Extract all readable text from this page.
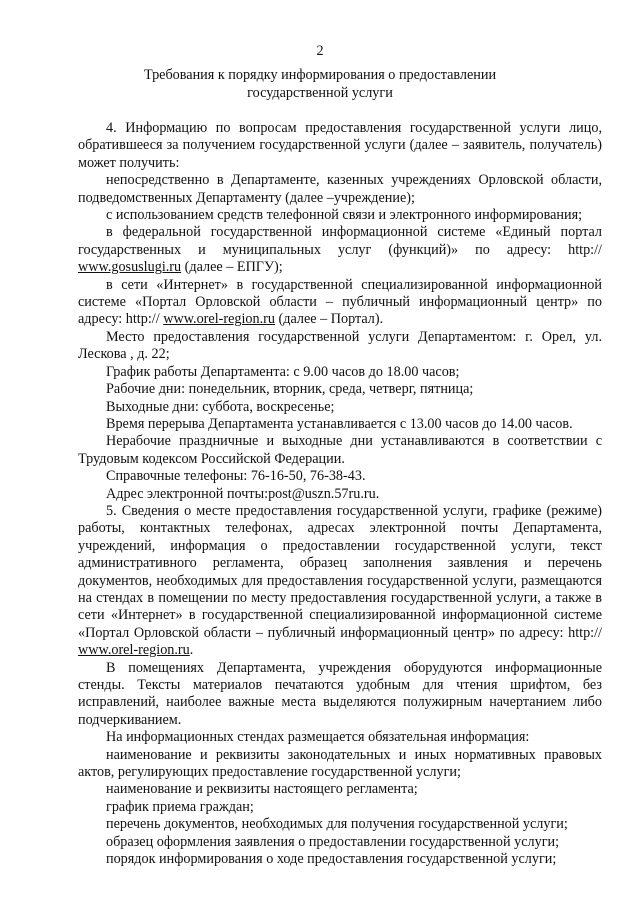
2
Требования к порядку информирования о предоставлении
государственной услуги

4. Информацию по вопросам предоставления государственной услуги лицо, обратившееся за получением государственной услуги (далее – заявитель, получатель) может получить:

непосредственно в Департаменте, казенных учреждениях Орловской области, подведомственных Департаменту (далее –учреждение);

с использованием средств телефонной связи и электронного информирования;

в федеральной государственной информационной системе «Единый портал государственных и муниципальных услуг (функций)» по адресу: http:// www.gosuslugi.ru (далее – ЕПГУ);

в сети «Интернет» в государственной специализированной информационной системе «Портал Орловской области – публичный информационный центр» по адресу: http:// www.orel-region.ru (далее – Портал).

Место предоставления государственной услуги Департаментом: г. Орел, ул. Лескова , д. 22;

График работы Департамента: с 9.00 часов до 18.00 часов;

Рабочие дни: понедельник, вторник, среда, четверг, пятница;

Выходные дни: суббота, воскресенье;

Время перерыва Департамента устанавливается с 13.00 часов до 14.00 часов.

Нерабочие праздничные и выходные дни устанавливаются в соответствии с Трудовым кодексом Российской Федерации.

Справочные телефоны: 76-16-50, 76-38-43.

Адрес электронной почты:post@uszn.57ru.ru.

5. Сведения о месте предоставления государственной услуги, графике (режиме) работы, контактных телефонах, адресах электронной почты Департамента, учреждений, информация о предоставлении государственной услуги, текст административного регламента, образец заполнения заявления и перечень документов, необходимых для предоставления государственной услуги, размещаются на стендах в помещении по месту предоставления государственной услуги, а также в сети «Интернет» в государственной специализированной информационной системе «Портал Орловской области – публичный информационный центр» по адресу: http:// www.orel-region.ru.

В помещениях Департамента, учреждения оборудуются информационные стенды. Тексты материалов печатаются удобным для чтения шрифтом, без исправлений, наиболее важные места выделяются полужирным начертанием либо подчеркиванием.

На информационных стендах размещается обязательная информация:

наименование и реквизиты законодательных и иных нормативных правовых актов, регулирующих предоставление государственной услуги;

наименование и реквизиты настоящего регламента;

график приема граждан;

перечень документов, необходимых для получения государственной услуги;

образец оформления заявления о предоставлении государственной услуги;

порядок информирования о ходе предоставления государственной услуги;
